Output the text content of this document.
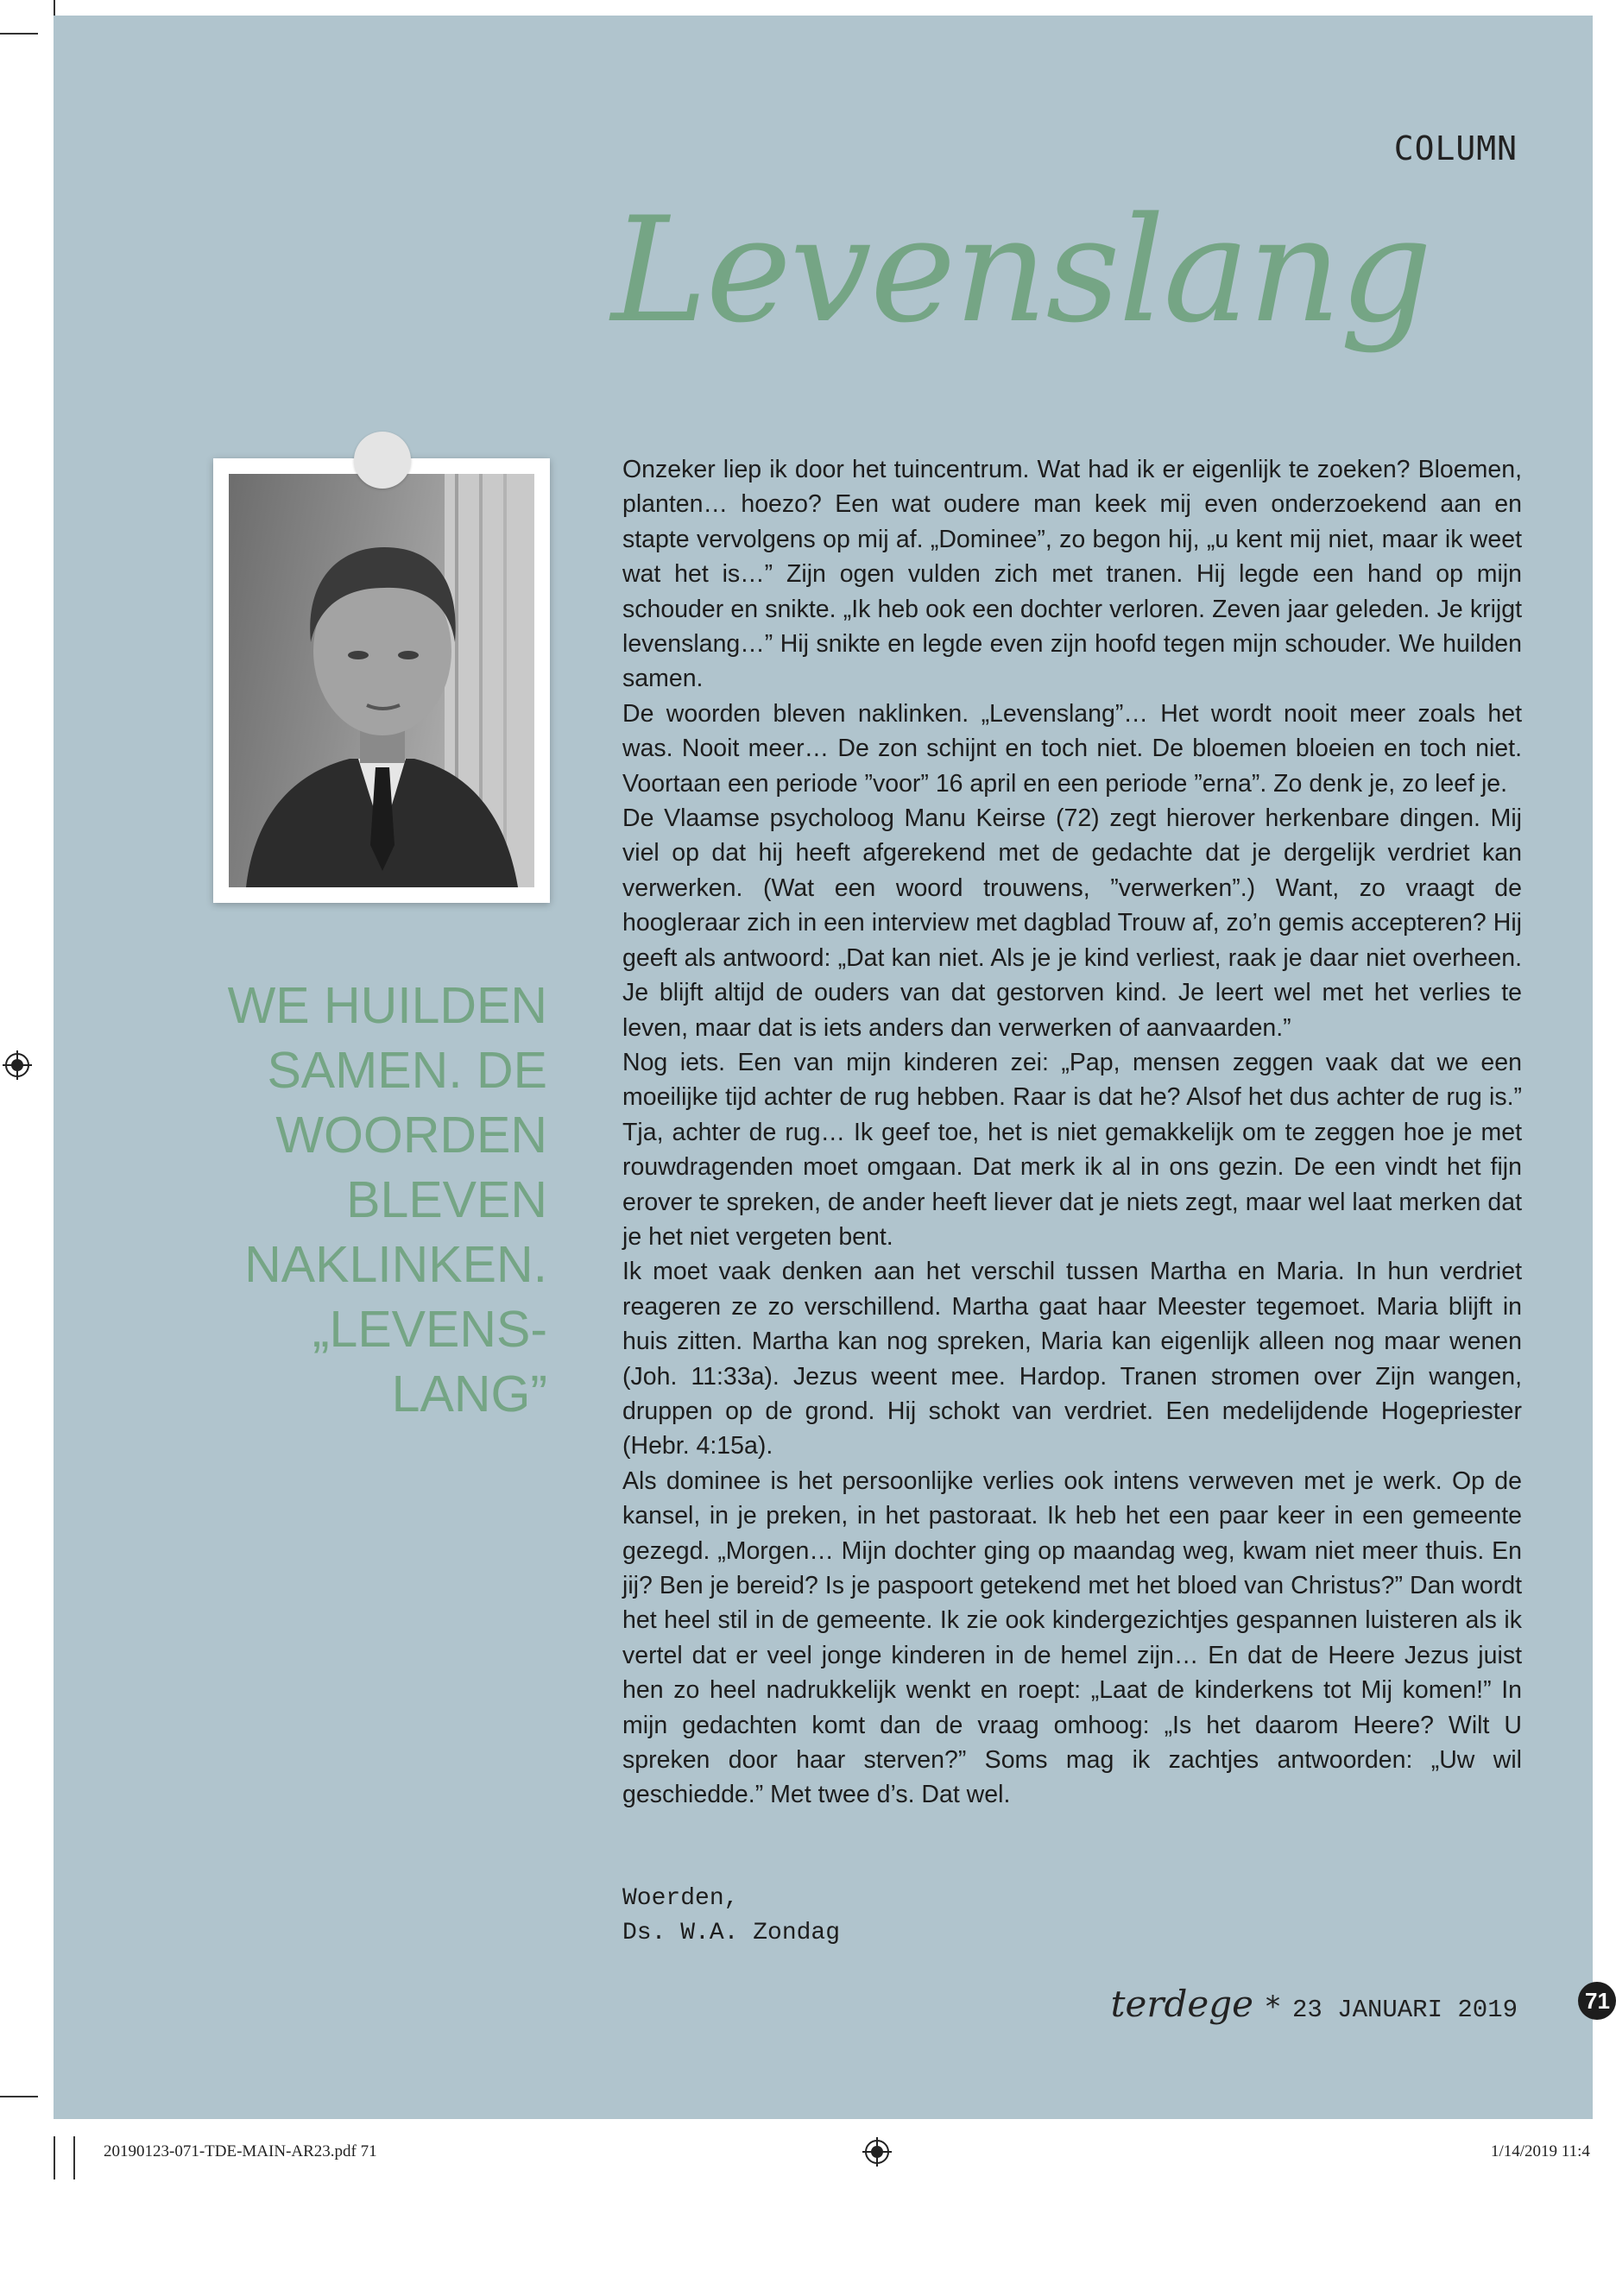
COLUMN
Levenslang
WE HUILDEN SAMEN. DE WOORDEN BLEVEN NAKLINKEN. „LEVENS-LANG”

Onzeker liep ik door het tuincentrum. Wat had ik er eigenlijk te zoeken? Bloemen, planten… hoezo? Een wat oudere man keek mij even onderzoekend aan en stapte vervolgens op mij af. „Dominee”, zo begon hij, „u kent mij niet, maar ik weet wat het is…” Zijn ogen vulden zich met tranen. Hij legde een hand op mijn schouder en snikte. „Ik heb ook een dochter verloren. Zeven jaar geleden. Je krijgt levenslang…” Hij snikte en legde even zijn hoofd tegen mijn schouder. We huilden samen.

De woorden bleven naklinken. „Levenslang”… Het wordt nooit meer zoals het was. Nooit meer… De zon schijnt en toch niet. De bloemen bloeien en toch niet. Voortaan een periode ”voor” 16 april en een periode ”erna”. Zo denk je, zo leef je.

De Vlaamse psycholoog Manu Keirse (72) zegt hierover herkenbare dingen. Mij viel op dat hij heeft afgerekend met de gedachte dat je dergelijk verdriet kan verwerken. (Wat een woord trouwens, ”verwerken”.) Want, zo vraagt de hoogleraar zich in een interview met dagblad Trouw af, zo’n gemis accepteren? Hij geeft als antwoord: „Dat kan niet. Als je je kind verliest, raak je daar niet overheen. Je blijft altijd de ouders van dat gestorven kind. Je leert wel met het verlies te leven, maar dat is iets anders dan verwerken of aanvaarden.”

Nog iets. Een van mijn kinderen zei: „Pap, mensen zeggen vaak dat we een moeilijke tijd achter de rug hebben. Raar is dat he? Alsof het dus achter de rug is.” Tja, achter de rug… Ik geef toe, het is niet gemakkelijk om te zeggen hoe je met rouwdragenden moet omgaan. Dat merk ik al in ons gezin. De een vindt het fijn erover te spreken, de ander heeft liever dat je niets zegt, maar wel laat merken dat je het niet vergeten bent.

Ik moet vaak denken aan het verschil tussen Martha en Maria. In hun verdriet reageren ze zo verschillend. Martha gaat haar Meester tegemoet. Maria blijft in huis zitten. Martha kan nog spreken, Maria kan eigenlijk alleen nog maar wenen (Joh. 11:33a). Jezus weent mee. Hardop. Tranen stromen over Zijn wangen, druppen op de grond. Hij schokt van verdriet. Een medelijdende Hogepriester (Hebr. 4:15a).

Als dominee is het persoonlijke verlies ook intens verweven met je werk. Op de kansel, in je preken, in het pastoraat. Ik heb het een paar keer in een gemeente gezegd. „Morgen… Mijn dochter ging op maandag weg, kwam niet meer thuis. En jij? Ben je bereid? Is je paspoort getekend met het bloed van Christus?” Dan wordt het heel stil in de gemeente. Ik zie ook kindergezichtjes gespannen luisteren als ik vertel dat er veel jonge kinderen in de hemel zijn… En dat de Heere Jezus juist hen zo heel nadrukkelijk wenkt en roept: „Laat de kinderkens tot Mij komen!” In mijn gedachten komt dan de vraag omhoog: „Is het daarom Heere? Wilt U spreken door haar sterven?” Soms mag ik zachtjes antwoorden: „Uw wil geschiedde.” Met twee d’s. Dat wel.

Woerden,
Ds. W.A. Zondag
terdege * 23 JANUARI 2019	71
20190123-071-TDE-MAIN-AR23.pdf 71	1/14/2019 11:4
